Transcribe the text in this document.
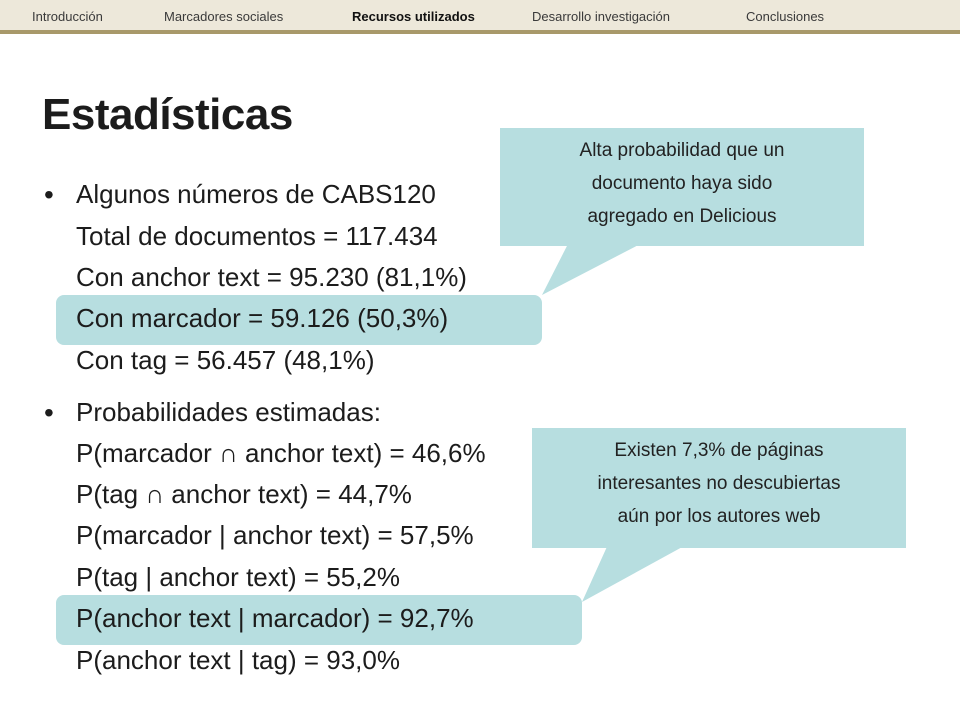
Introducción	Marcadores sociales	Recursos utilizados	Desarrollo investigación	Conclusiones
Estadísticas
• Algunos números de CABS120
Total de documentos = 117.434
Con anchor text = 95.230 (81,1%)
Con marcador = 59.126 (50,3%)
Con tag = 56.457 (48,1%)
• Probabilidades estimadas:
P(marcador ∩ anchor text) = 46,6%
P(tag ∩ anchor text) = 44,7%
P(marcador | anchor text) = 57,5%
P(tag | anchor text) = 55,2%
P(anchor text | marcador) = 92,7%
P(anchor text | tag) = 93,0%
Alta probabilidad que un
documento haya sido
agregado en Delicious
Existen 7,3% de páginas
interesantes no descubiertas
aún por los autores web
